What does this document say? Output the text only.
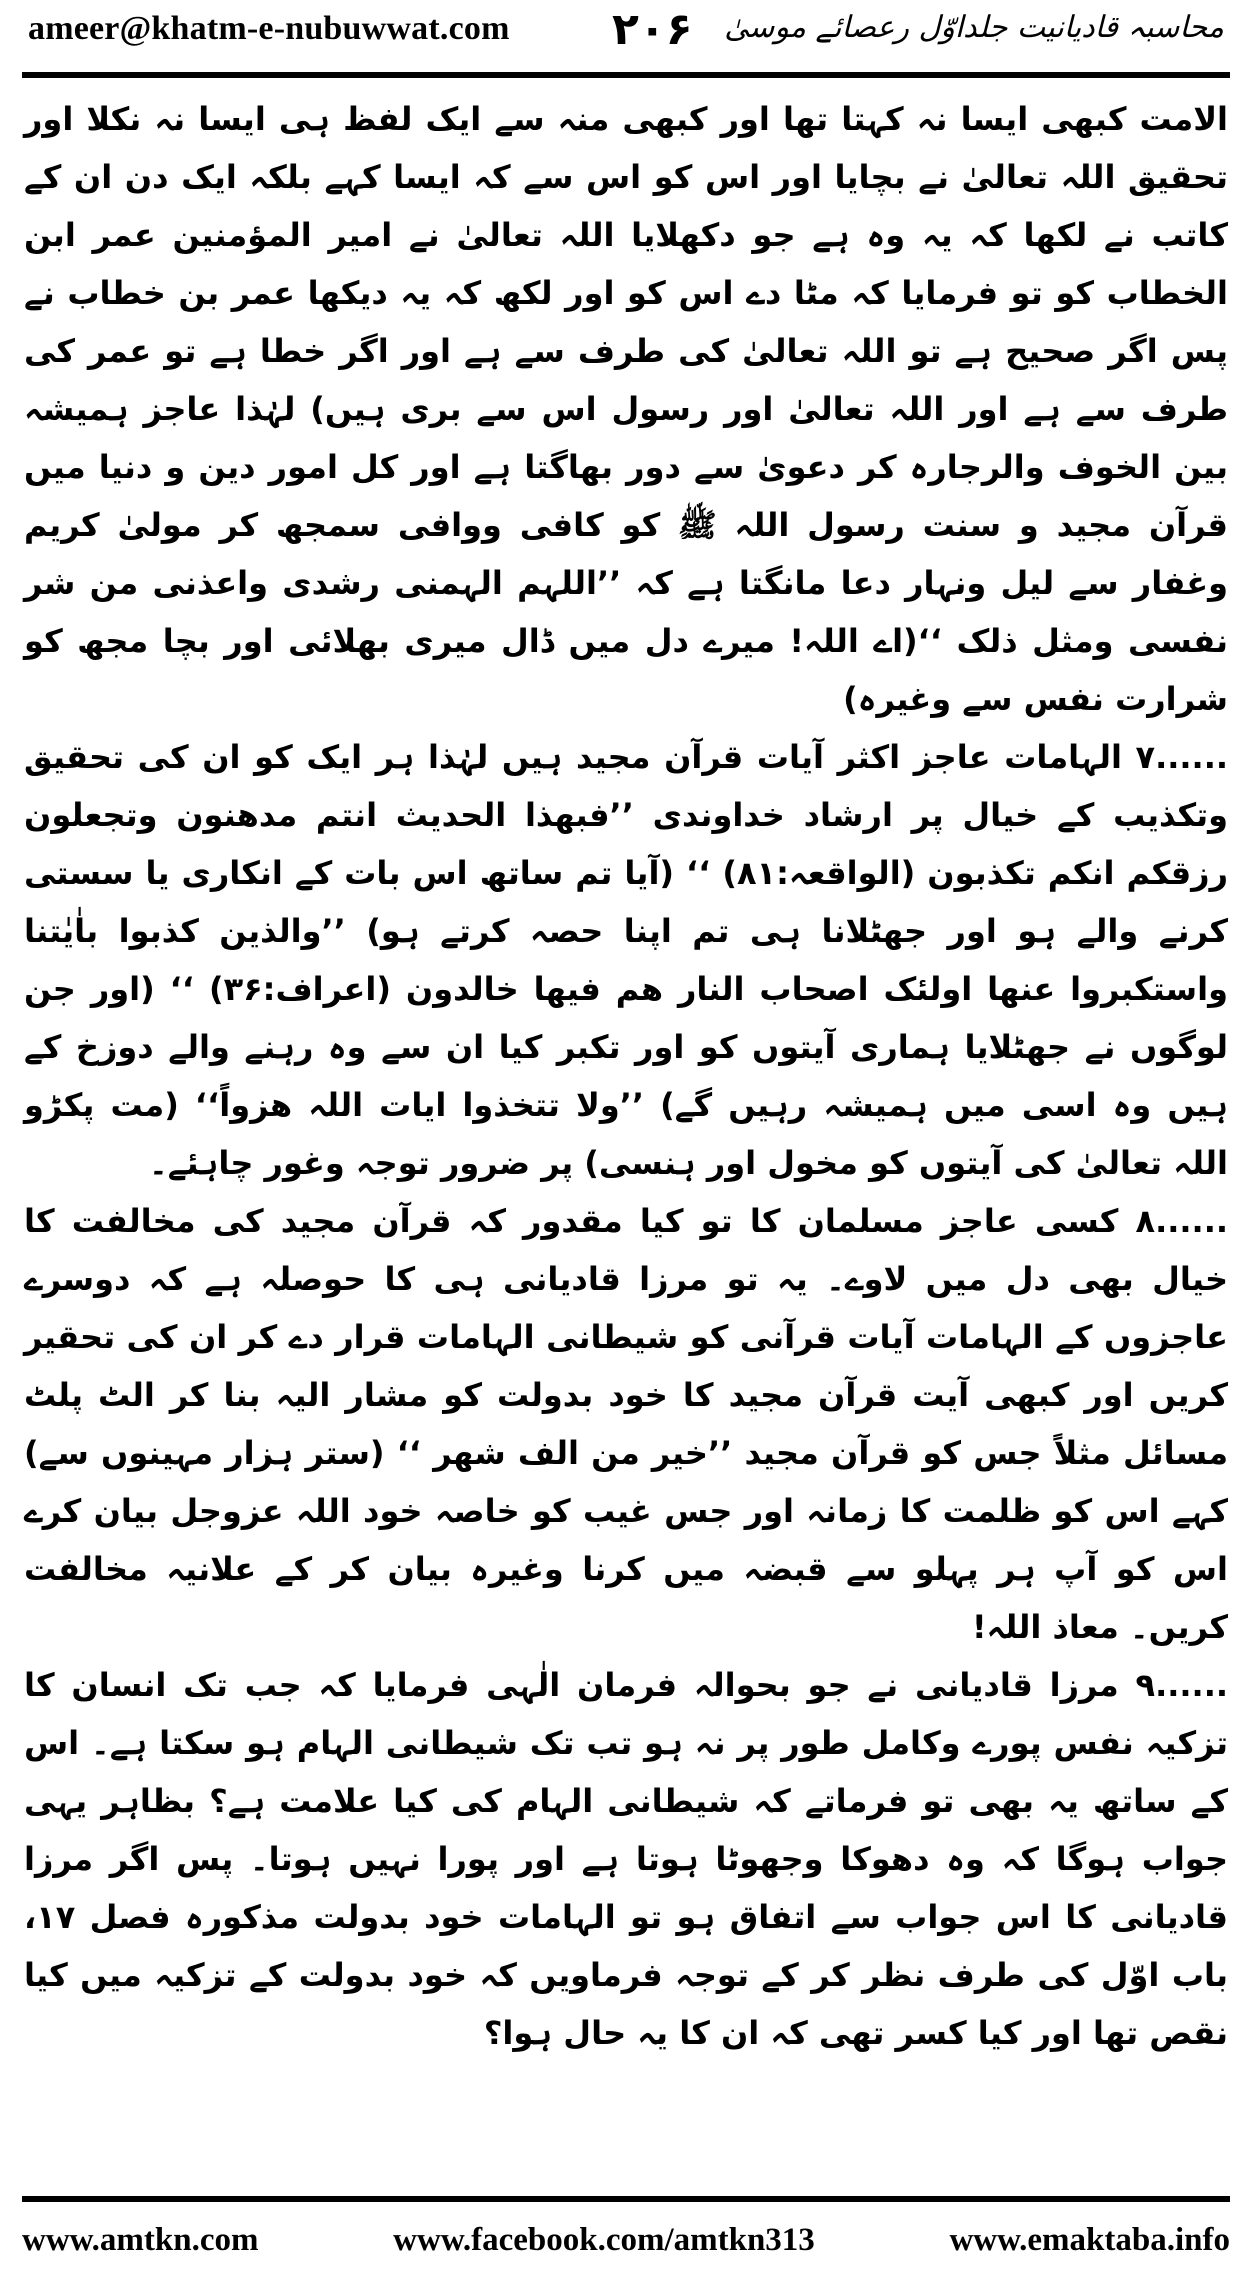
ameer@khatm-e-nubuwwat.com ۲۰۶ محاسبہ قادیانیت جلداوّل رعصائے موسیٰ

الامت کبھی ایسا نہ کہتا تھا اور کبھی منہ سے ایک لفظ ہی ایسا نہ نکلا اور تحقیق اللہ تعالیٰ نے بچایا اور اس کو اس سے کہ ایسا کہے بلکہ ایک دن ان کے کاتب نے لکھا کہ یہ وہ ہے جو دکھلایا اللہ تعالیٰ نے امیر المؤمنین عمر ابن الخطاب کو تو فرمایا کہ مٹا دے اس کو اور لکھ کہ یہ دیکھا عمر بن خطاب نے پس اگر صحیح ہے تو اللہ تعالیٰ کی طرف سے ہے اور اگر خطا ہے تو عمر کی طرف سے ہے اور اللہ تعالیٰ اور رسول اس سے بری ہیں) لہٰذا عاجز ہمیشہ بین الخوف والرجارہ کر دعویٰ سے دور بھاگتا ہے اور کل امور دین و دنیا میں قرآن مجید و سنت رسول اللہ ﷺ کو کافی ووافی سمجھ کر مولیٰ کریم وغفار سے لیل ونہار دعا مانگتا ہے کہ ’’اللہم الہمنی رشدی واعذنی من شر نفسی ومثل ذلک ‘‘(اے اللہ! میرے دل میں ڈال میری بھلائی اور بچا مجھ کو شرارت نفس سے وغیرہ)

۷...... الہامات عاجز اکثر آیات قرآن مجید ہیں لہٰذا ہر ایک کو ان کی تحقیق وتکذیب کے خیال پر ارشاد خداوندی ’’فبھذا الحدیث انتم مدھنون وتجعلون رزقکم انکم تکذبون (الواقعہ:۸۱) ‘‘ (آیا تم ساتھ اس بات کے انکاری یا سستی کرنے والے ہو اور جھٹلانا ہی تم اپنا حصہ کرتے ہو) ’’والذین کذبوا باٰیٰتنا واستکبروا عنھا اولئک اصحاب النار ھم فیھا خالدون (اعراف:۳۶) ‘‘ (اور جن لوگوں نے جھٹلایا ہماری آیتوں کو اور تکبر کیا ان سے وہ رہنے والے دوزخ کے ہیں وہ اسی میں ہمیشہ رہیں گے) ’’ولا تتخذوا ایات اللہ ھزواً‘‘ (مت پکڑو اللہ تعالیٰ کی آیتوں کو مخول اور ہنسی) پر ضرور توجہ وغور چاہئے۔

۸...... کسی عاجز مسلمان کا تو کیا مقدور کہ قرآن مجید کی مخالفت کا خیال بھی دل میں لاوے۔ یہ تو مرزا قادیانی ہی کا حوصلہ ہے کہ دوسرے عاجزوں کے الہامات آیات قرآنی کو شیطانی الہامات قرار دے کر ان کی تحقیر کریں اور کبھی آیت قرآن مجید کا خود بدولت کو مشار الیہ بنا کر الٹ پلٹ مسائل مثلاً جس کو قرآن مجید ’’خیر من الف شھر ‘‘ (ستر ہزار مہینوں سے) کہے اس کو ظلمت کا زمانہ اور جس غیب کو خاصہ خود اللہ عزوجل بیان کرے اس کو آپ ہر پہلو سے قبضہ میں کرنا وغیرہ بیان کر کے علانیہ مخالفت کریں۔ معاذ اللہ!

۹...... مرزا قادیانی نے جو بحوالہ فرمان الٰہی فرمایا کہ جب تک انسان کا تزکیہ نفس پورے وکامل طور پر نہ ہو تب تک شیطانی الہام ہو سکتا ہے۔ اس کے ساتھ یہ بھی تو فرماتے کہ شیطانی الہام کی کیا علامت ہے؟ بظاہر یہی جواب ہوگا کہ وہ دھوکا وجھوٹا ہوتا ہے اور پورا نہیں ہوتا۔ پس اگر مرزا قادیانی کا اس جواب سے اتفاق ہو تو الہامات خود بدولت مذکورہ فصل ۱۷، باب اوّل کی طرف نظر کر کے توجہ فرماویں کہ خود بدولت کے تزکیہ میں کیا نقص تھا اور کیا کسر تھی کہ ان کا یہ حال ہوا؟

www.amtkn.com	www.facebook.com/amtkn313	www.emaktaba.info
